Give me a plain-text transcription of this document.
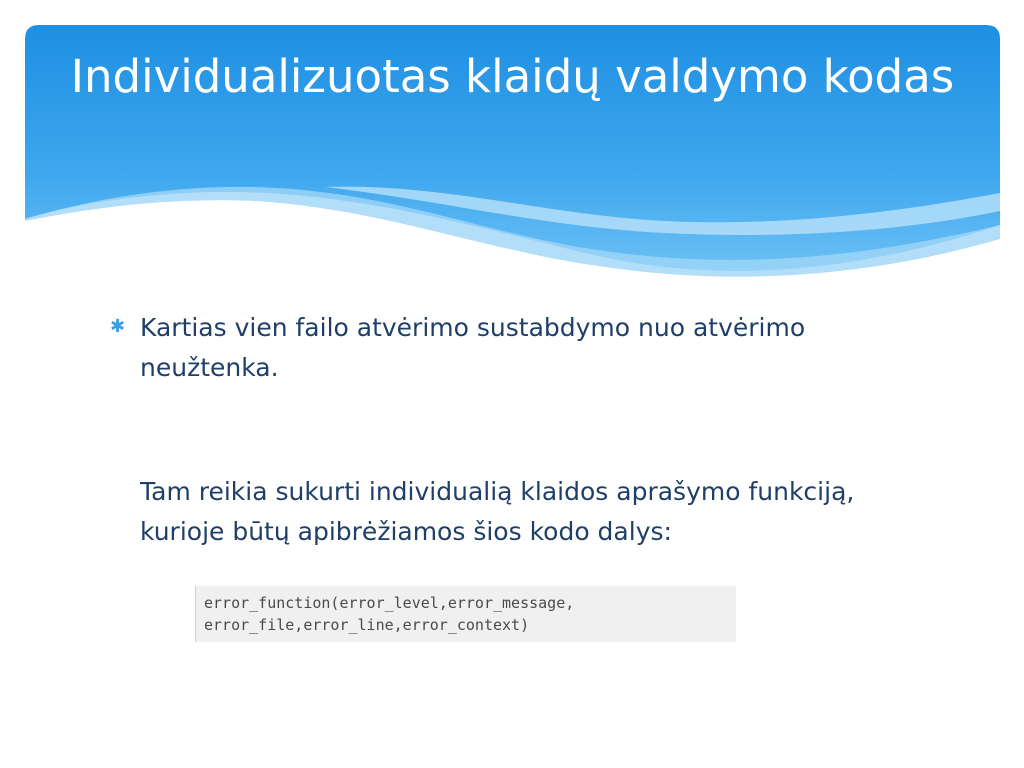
Individualizuotas klaidų valdymo kodas
✱ Kartias vien failo atvėrimo sustabdymo nuo atvėrimo neužtenka.

Tam reikia sukurti individualią klaidos aprašymo funkciją, kurioje būtų apibrėžiamos šios kodo dalys:

error_function(error_level,error_message,

error_file,error_line,error_context)
